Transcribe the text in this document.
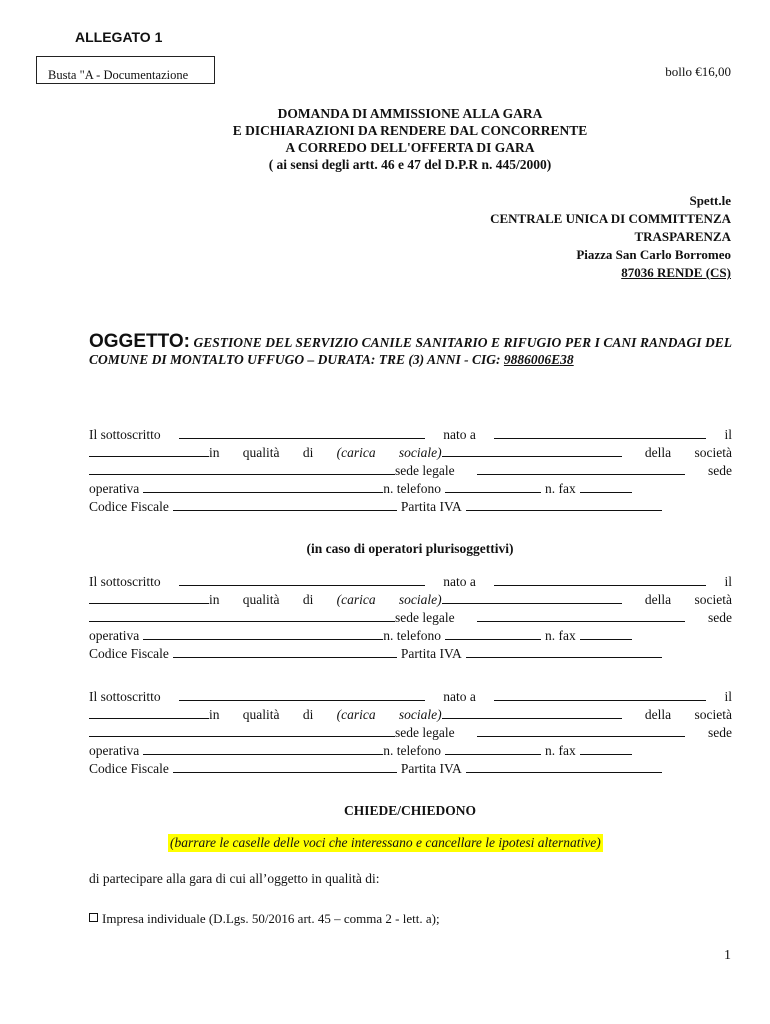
ALLEGATO 1
Busta "A - Documentazione	bollo €16,00
DOMANDA DI AMMISSIONE ALLA GARA
E DICHIARAZIONI DA RENDERE DAL CONCORRENTE
A CORREDO DELL'OFFERTA DI GARA
( ai sensi degli artt. 46 e 47 del D.P.R n. 445/2000)
Spett.le
CENTRALE UNICA DI COMMITTENZA
TRASPARENZA
Piazza San Carlo Borromeo
87036 RENDE (CS)
OGGETTO: GESTIONE DEL SERVIZIO CANILE SANITARIO E RIFUGIO PER I CANI RANDAGI DEL COMUNE DI MONTALTO UFFUGO – DURATA: TRE (3) ANNI - CIG: 9886006E38
Il sottoscritto	nato a	il
in qualità di (carica sociale)	della società
sede legale	sede
operativa	n. telefono	n. fax
Codice Fiscale	Partita IVA
(in caso di operatori plurisoggettivi)
Il sottoscritto	nato a	il
in qualità di (carica sociale)	della società
sede legale	sede
operativa	n. telefono	n. fax
Codice Fiscale	Partita IVA
Il sottoscritto	nato a	il
in qualità di (carica sociale)	della società
sede legale	sede
operativa	n. telefono	n. fax
Codice Fiscale	Partita IVA
CHIEDE/CHIEDONO
(barrare le caselle delle voci che interessano e cancellare le ipotesi alternative)
di partecipare alla gara di cui all’oggetto in qualità di:
Impresa individuale (D.Lgs. 50/2016 art. 45 – comma 2 - lett. a);
1
